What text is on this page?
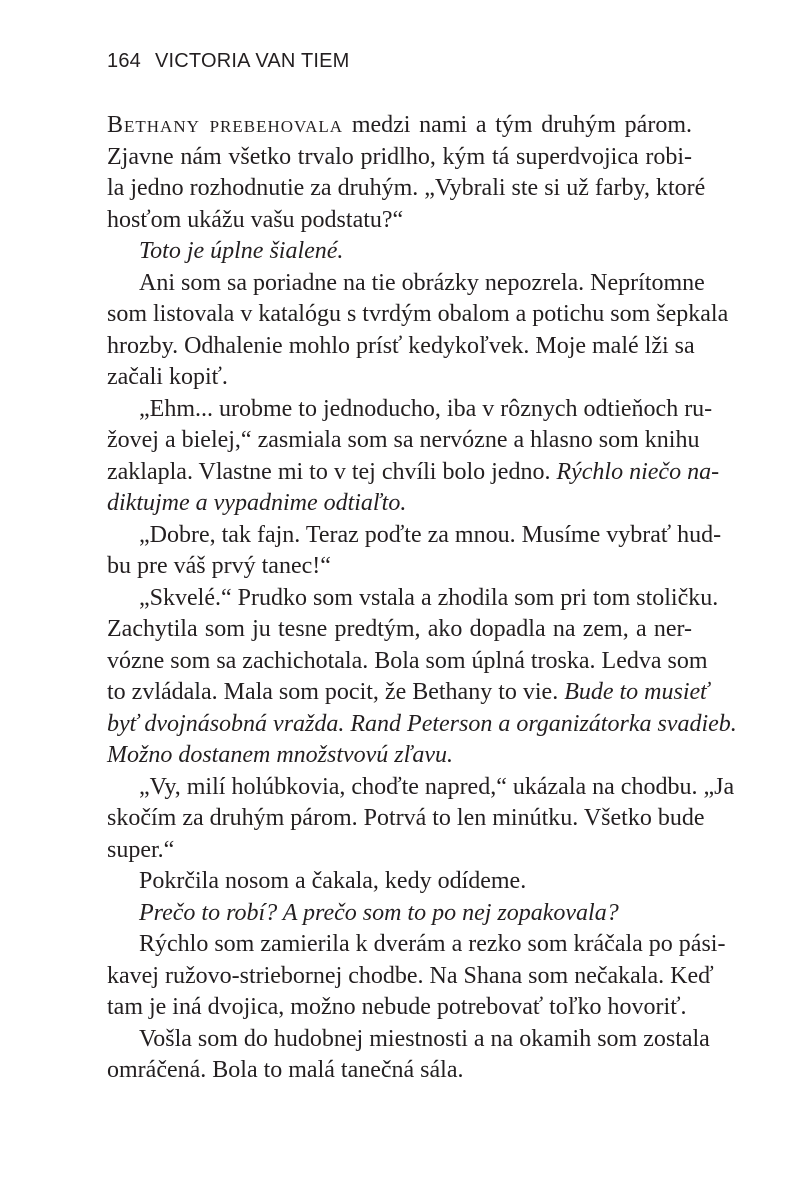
164 VICTORIA VAN TIEM
Bethany prebehovala medzi nami a tým druhým párom.
Zjavne nám všetko trvalo pridlho, kým tá superdvojica robi-
la jedno rozhodnutie za druhým. „Vybrali ste si už farby, ktoré
hosťom ukážu vašu podstatu?“
Toto je úplne šialené.
Ani som sa poriadne na tie obrázky nepozrela. Neprítomne
som listovala v katalógu s tvrdým obalom a potichu som šepkala
hrozby. Odhalenie mohlo prísť kedykoľvek. Moje malé lži sa
začali kopiť.
„Ehm... urobme to jednoducho, iba v rôznych odtieňoch ru-
žovej a bielej,“ zasmiala som sa nervózne a hlasno som knihu
zaklapla. Vlastne mi to v tej chvíli bolo jedno. Rýchlo niečo na-
diktujme a vypadnime odtiaľto.
„Dobre, tak fajn. Teraz poďte za mnou. Musíme vybrať hud-
bu pre váš prvý tanec!“
„Skvelé.“ Prudko som vstala a zhodila som pri tom stoličku.
Zachytila som ju tesne predtým, ako dopadla na zem, a ner-
vózne som sa zachichotala. Bola som úplná troska. Ledva som
to zvládala. Mala som pocit, že Bethany to vie. Bude to musieť
byť dvojnásobná vražda. Rand Peterson a organizátorka svadieb.
Možno dostanem množstvovú zľavu.
„Vy, milí holúbkovia, choďte napred,“ ukázala na chodbu. „Ja
skočím za druhým párom. Potrvá to len minútku. Všetko bude
super.“
Pokrčila nosom a čakala, kedy odídeme.
Prečo to robí? A prečo som to po nej zopakovala?
Rýchlo som zamierila k dverám a rezko som kráčala po pási-
kavej ružovo-striebornej chodbe. Na Shana som nečakala. Keď
tam je iná dvojica, možno nebude potrebovať toľko hovoriť.
Vošla som do hudobnej miestnosti a na okamih som zostala
omráčená. Bola to malá tanečná sála.
